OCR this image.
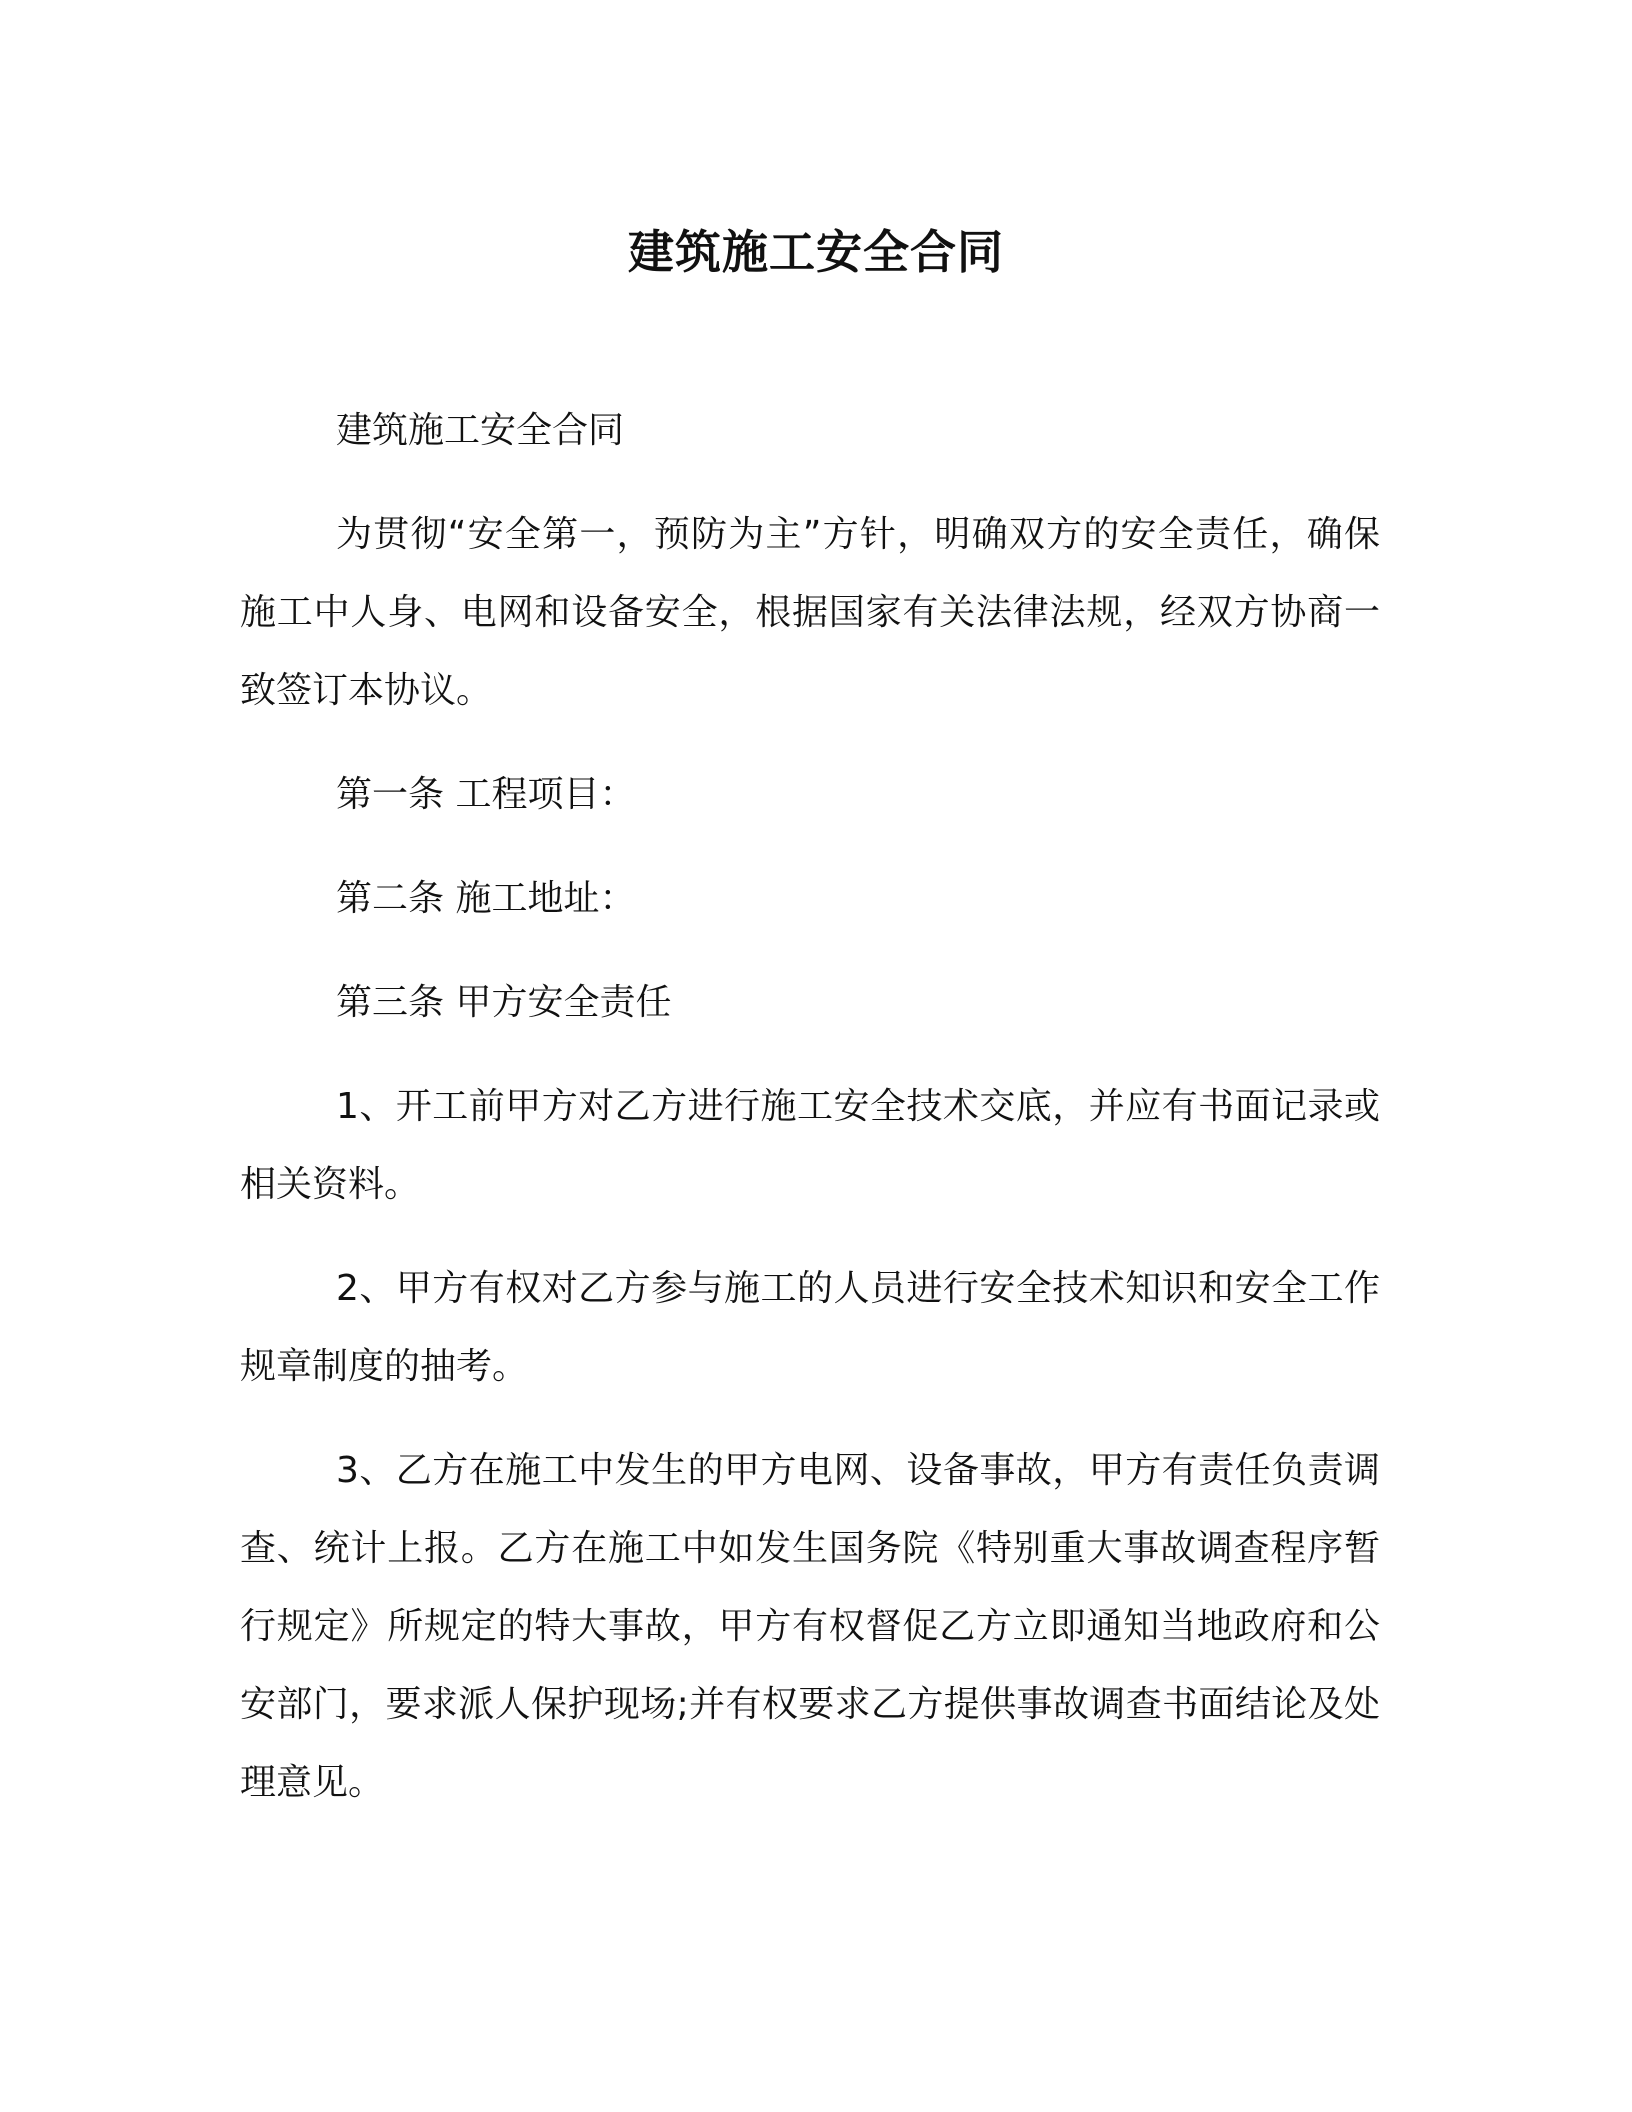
建筑施工安全合同

建筑施工安全合同

为贯彻“安全第一，预防为主”方针，明确双方的安全责任，确保施工中人身、电网和设备安全，根据国家有关法律法规，经双方协商一致签订本协议。

第一条 工程项目：

第二条 施工地址：

第三条 甲方安全责任

1、开工前甲方对乙方进行施工安全技术交底，并应有书面记录或相关资料。

2、甲方有权对乙方参与施工的人员进行安全技术知识和安全工作规章制度的抽考。

3、乙方在施工中发生的甲方电网、设备事故，甲方有责任负责调查、统计上报。乙方在施工中如发生国务院《特别重大事故调查程序暂行规定》所规定的特大事故，甲方有权督促乙方立即通知当地政府和公安部门，要求派人保护现场;并有权要求乙方提供事故调查书面结论及处理意见。
